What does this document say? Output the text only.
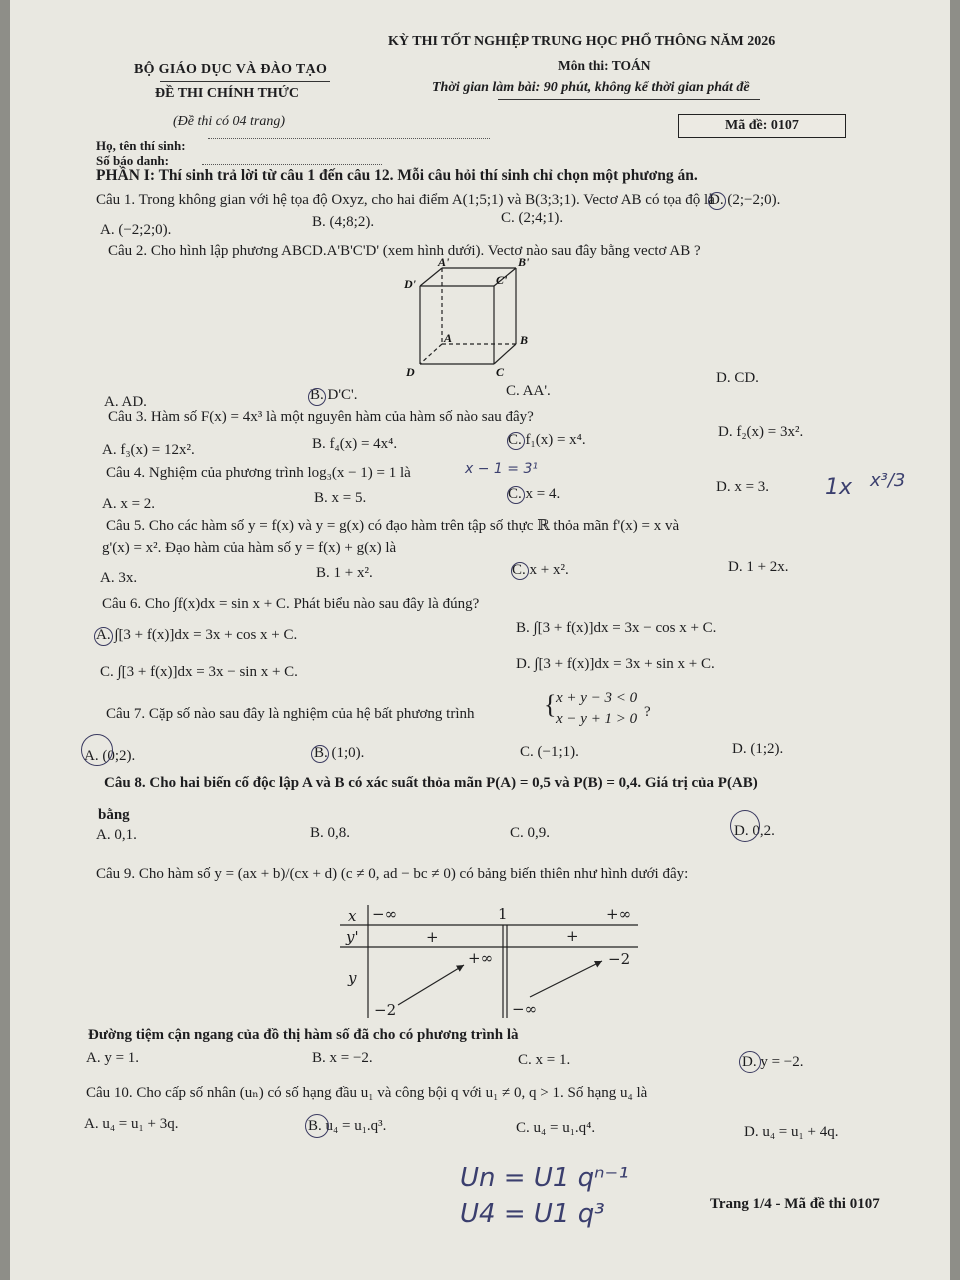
BỘ GIÁO DỤC VÀ ĐÀO TẠO
KỲ THI TỐT NGHIỆP TRUNG HỌC PHỔ THÔNG NĂM 2026
ĐỀ THI CHÍNH THỨC
Môn thi: TOÁN
Thời gian làm bài: 90 phút, không kể thời gian phát đề
(Đề thi có 04 trang)	Mã đề: 0107
Họ, tên thí sinh:
Số báo danh:
PHẦN I: Thí sinh trả lời từ câu 1 đến câu 12. Mỗi câu hỏi thí sinh chỉ chọn một phương án.
Câu 1. Trong không gian với hệ tọa độ Oxyz, cho hai điểm A(1;5;1) và B(3;3;1). Vectơ AB có tọa độ là
A. (−2;2;0).	B. (4;8;2).	C. (2;4;1).
D. (2;−2;0).
Câu 2. Cho hình lập phương ABCD.A'B'C'D' (xem hình dưới). Vectơ nào sau đây bằng vectơ AB ?
A'	B'
D'	C'
A	B
D	C
A. AD.	B. D'C'.	C. AA'.
D. CD.
Câu 3. Hàm số F(x) = 4x³ là một nguyên hàm của hàm số nào sau đây?
A. f₃(x) = 12x².	B. f₄(x) = 4x⁴.	C. f₁(x) = x⁴.	D. f₂(x) = 3x².
Câu 4. Nghiệm của phương trình log₃(x − 1) = 1 là	x − 1 = 3¹
A. x = 2.	B. x = 5.	C. x = 4.	D. x = 3.	1x x³/3
Câu 5. Cho các hàm số y = f(x) và y = g(x) có đạo hàm trên tập số thực ℝ thỏa mãn f'(x) = x và
g'(x) = x². Đạo hàm của hàm số y = f(x) + g(x) là
A. 3x.	B. 1 + x².	C. x + x².	D. 1 + 2x.
Câu 6. Cho ∫f(x)dx = sin x + C. Phát biểu nào sau đây là đúng?
A. ∫[3 + f(x)]dx = 3x + cos x + C.	B. ∫[3 + f(x)]dx = 3x − cos x + C.
C. ∫[3 + f(x)]dx = 3x − sin x + C.	D. ∫[3 + f(x)]dx = 3x + sin x + C.
Câu 7. Cặp số nào sau đây là nghiệm của hệ bất phương trình	{ x + y − 3 < 0
x − y + 1 > 0 ?
A. (0;2).	B. (1;0).	C. (−1;1).	D. (1;2).
Câu 8. Cho hai biến cố độc lập A và B có xác suất thỏa mãn P(A) = 0,5 và P(B) = 0,4. Giá trị của P(AB)
bằng
A. 0,1.	B. 0,8.	C. 0,9.	D. 0,2.
Câu 9. Cho hàm số y = (ax + b)/(cx + d) (c ≠ 0, ad − bc ≠ 0) có bảng biến thiên như hình dưới đây:
x −∞	1	+∞
y'	+	+
y
+∞	−2
−2	−∞
Đường tiệm cận ngang của đồ thị hàm số đã cho có phương trình là
A. y = 1.	B. x = −2.	C. x = 1.	D. y = −2.
Câu 10. Cho cấp số nhân (uₙ) có số hạng đầu u₁ và công bội q với u₁ ≠ 0, q > 1. Số hạng u₄ là
A. u₄ = u₁ + 3q.	B. u₄ = u₁.q³.	C. u₄ = u₁.q⁴.	D. u₄ = u₁ + 4q.
Un = U1 qⁿ⁻¹
U4 = U1 q³	Trang 1/4 - Mã đề thi 0107
